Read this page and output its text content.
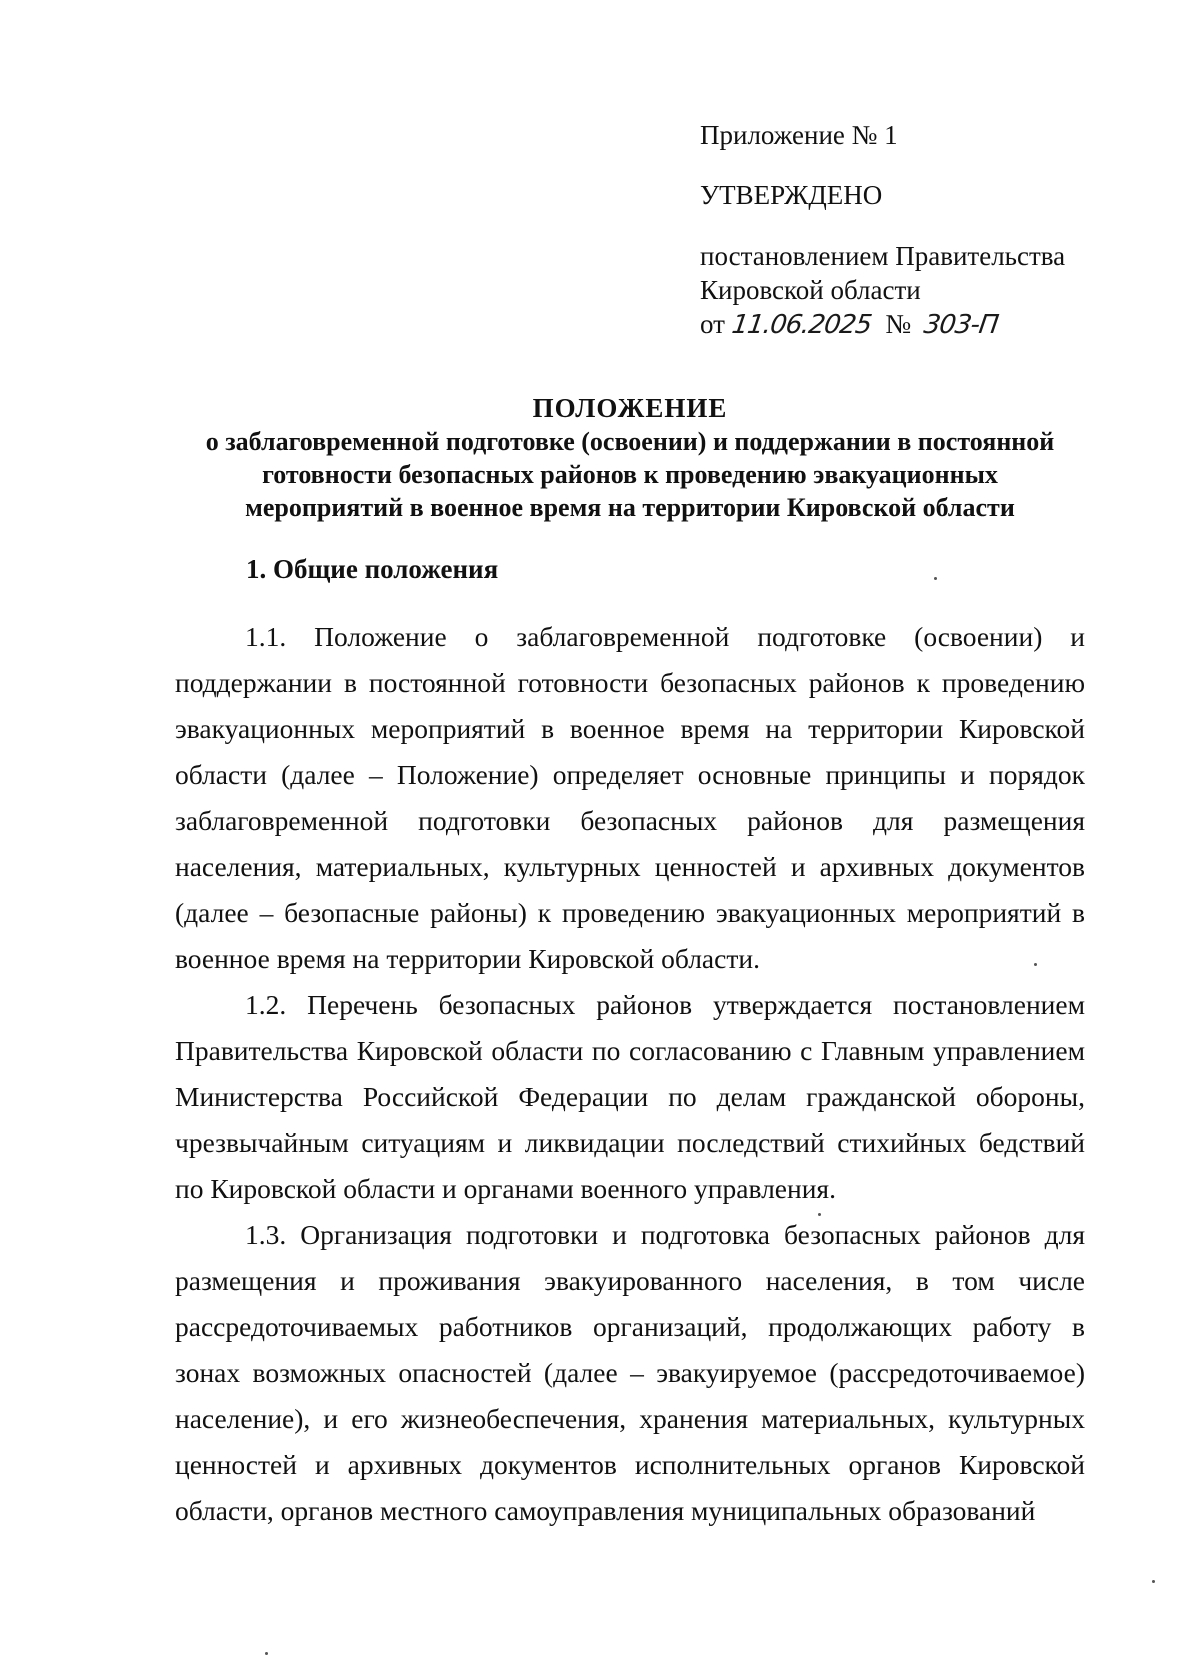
Приложение № 1
УТВЕРЖДЕНО
постановлением Правительства
Кировской области
от 11.06.2025 № 303-П
ПОЛОЖЕНИЕ
о заблаговременной подготовке (освоении) и поддержании в постоянной
готовности безопасных районов к проведению эвакуационных
мероприятий в военное время на территории Кировской области
1. Общие положения

1.1. Положение о заблаговременной подготовке (освоении) и поддержании в постоянной готовности безопасных районов к проведению эвакуационных мероприятий в военное время на территории Кировской области (далее – Положение) определяет основные принципы и порядок заблаговременной подготовки безопасных районов для размещения населения, материальных, культурных ценностей и архивных документов (далее – безопасные районы) к проведению эвакуационных мероприятий в военное время на территории Кировской области.

1.2. Перечень безопасных районов утверждается постановлением Правительства Кировской области по согласованию с Главным управлением Министерства Российской Федерации по делам гражданской обороны, чрезвычайным ситуациям и ликвидации последствий стихийных бедствий по Кировской области и органами военного управления.

1.3. Организация подготовки и подготовка безопасных районов для размещения и проживания эвакуированного населения, в том числе рассредоточиваемых работников организаций, продолжающих работу в зонах возможных опасностей (далее – эвакуируемое (рассредоточиваемое) население), и его жизнеобеспечения, хранения материальных, культурных ценностей и архивных документов исполнительных органов Кировской области, органов местного самоуправления муниципальных образований
